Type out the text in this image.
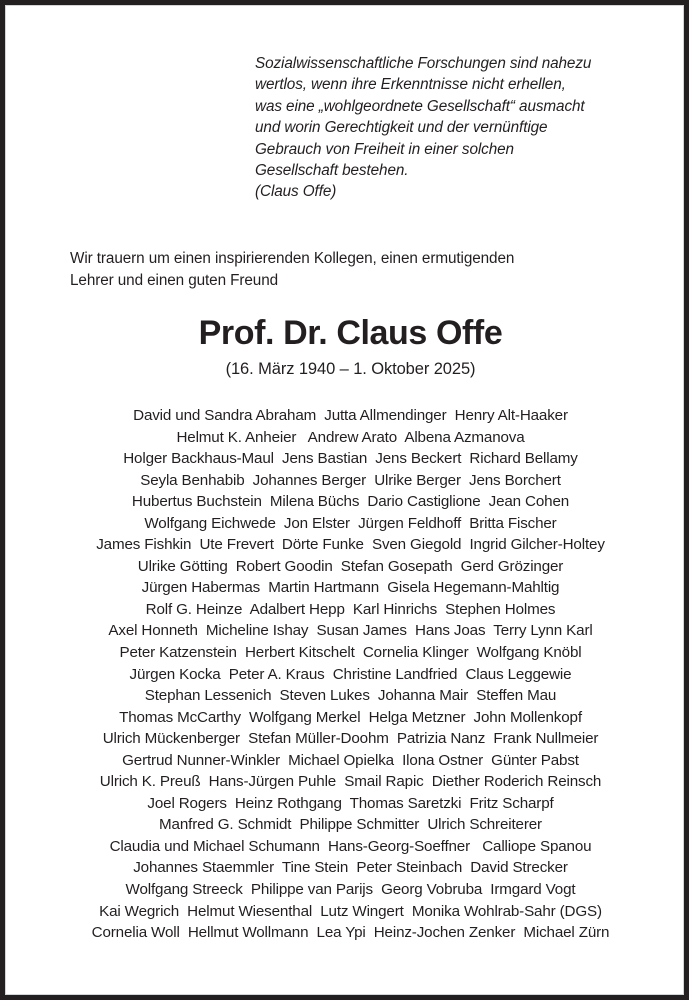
Sozialwissenschaftliche Forschungen sind nahezu
wertlos, wenn ihre Erkenntnisse nicht erhellen,
was eine „wohlgeordnete Gesellschaft“ ausmacht
und worin Gerechtigkeit und der vernünftige
Gebrauch von Freiheit in einer solchen
Gesellschaft bestehen.
(Claus Offe)
Wir trauern um einen inspirierenden Kollegen, einen ermutigenden
Lehrer und einen guten Freund
Prof. Dr. Claus Offe
(16. März 1940 – 1. Oktober 2025)
David und Sandra Abraham  Jutta Allmendinger  Henry Alt-Haaker
Helmut K. Anheier   Andrew Arato  Albena Azmanova
Holger Backhaus-Maul  Jens Bastian  Jens Beckert  Richard Bellamy
Seyla Benhabib  Johannes Berger  Ulrike Berger  Jens Borchert
Hubertus Buchstein  Milena Büchs  Dario Castiglione  Jean Cohen
Wolfgang Eichwede  Jon Elster  Jürgen Feldhoff  Britta Fischer
James Fishkin  Ute Frevert  Dörte Funke  Sven Giegold  Ingrid Gilcher-Holtey
Ulrike Götting  Robert Goodin  Stefan Gosepath  Gerd Grözinger
Jürgen Habermas  Martin Hartmann  Gisela Hegemann-Mahltig
Rolf G. Heinze  Adalbert Hepp  Karl Hinrichs  Stephen Holmes
Axel Honneth  Micheline Ishay  Susan James  Hans Joas  Terry Lynn Karl
Peter Katzenstein  Herbert Kitschelt  Cornelia Klinger  Wolfgang Knöbl
Jürgen Kocka  Peter A. Kraus  Christine Landfried  Claus Leggewie
Stephan Lessenich  Steven Lukes  Johanna Mair  Steffen Mau
Thomas McCarthy  Wolfgang Merkel  Helga Metzner  John Mollenkopf
Ulrich Mückenberger  Stefan Müller-Doohm  Patrizia Nanz  Frank Nullmeier
Gertrud Nunner-Winkler  Michael Opielka  Ilona Ostner  Günter Pabst
Ulrich K. Preuß  Hans-Jürgen Puhle  Smail Rapic  Diether Roderich Reinsch
Joel Rogers  Heinz Rothgang  Thomas Saretzki  Fritz Scharpf
Manfred G. Schmidt  Philippe Schmitter  Ulrich Schreiterer
Claudia und Michael Schumann  Hans-Georg-Soeffner   Calliope Spanou
Johannes Staemmler  Tine Stein  Peter Steinbach  David Strecker
Wolfgang Streeck  Philippe van Parijs  Georg Vobruba  Irmgard Vogt
Kai Wegrich  Helmut Wiesenthal  Lutz Wingert  Monika Wohlrab-Sahr (DGS)
Cornelia Woll  Hellmut Wollmann  Lea Ypi  Heinz-Jochen Zenker  Michael Zürn
